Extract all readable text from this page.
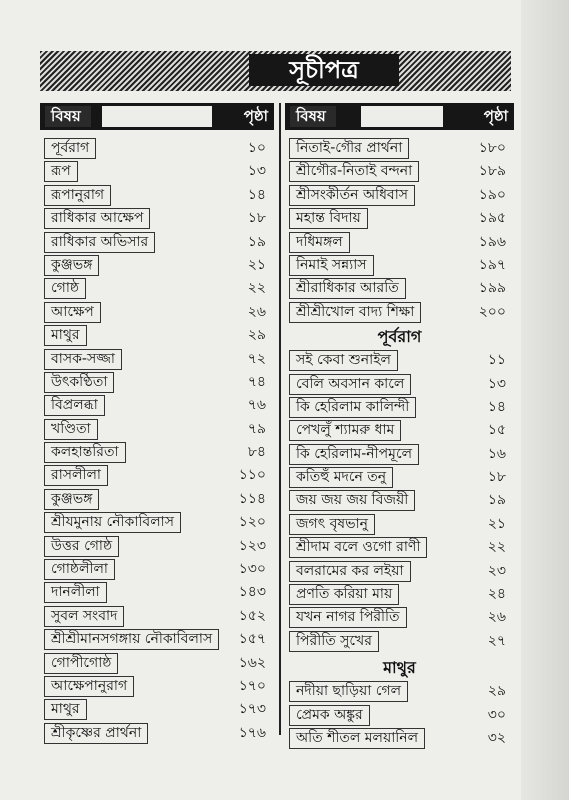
সূচীপত্র
বিষয়	পৃষ্ঠা
পূর্বরাগ	১০
রূপ	১৩
রূপানুরাগ	১৪
রাধিকার আক্ষেপ	১৮
রাধিকার অভিসার	১৯
কুঞ্জভঙ্গ	২১
গোষ্ঠ	২২
আক্ষেপ	২৬
মাথুর	২৯
বাসক-সজ্জা	৭২
উৎকণ্ঠিতা	৭৪
বিপ্রলব্ধা	৭৬
খণ্ডিতা	৭৯
কলহান্তরিতা	৮৪
রাসলীলা	১১০
কুঞ্জভঙ্গ	১১৪
শ্রীযমুনায় নৌকাবিলাস	১২০
উত্তর গোষ্ঠ	১২৩
গোষ্ঠলীলা	১৩০
দানলীলা	১৪৩
সুবল সংবাদ	১৫২
শ্রীশ্রীমানসগঙ্গায় নৌকাবিলাস	১৫৭
গোপীগোষ্ঠ	১৬২
আক্ষেপানুরাগ	১৭০
মাথুর	১৭৩
শ্রীকৃষ্ণের প্রার্থনা	১৭৬
বিষয়	পৃষ্ঠা
নিতাই-গৌর প্রার্থনা	১৮০
শ্রীগৌর-নিতাই বন্দনা	১৮৯
শ্রীসংকীর্তন অধিবাস	১৯০
মহান্ত বিদায়	১৯৫
দধিমঙ্গল	১৯৬
নিমাই সন্ন্যাস	১৯৭
শ্রীরাধিকার আরতি	১৯৯
শ্রীশ্রীখোল বাদ্য শিক্ষা	২০০
পূর্বরাগ
সই কেবা শুনাইল	১১
বেলি অবসান কালে	১৩
কি হেরিলাম কালিন্দী	১৪
পেখলুঁ শ্যামরু ধাম	১৫
কি হেরিলাম-নীপমূলে	১৬
কতিহুঁ মদনে তনু	১৮
জয় জয় জয় বিজয়ী	১৯
জগৎ বৃষভানু	২১
শ্রীদাম বলে ওগো রাণী	২২
বলরামের কর লইয়া	২৩
প্রণতি করিয়া মায়	২৪
যখন নাগর পিরীতি	২৬
পিরীতি সুখের	২৭
মাথুর
নদীয়া ছাড়িয়া গেল	২৯
প্রেমক অঙ্কুর	৩০
অতি শীতল মলয়ানিল	৩২
